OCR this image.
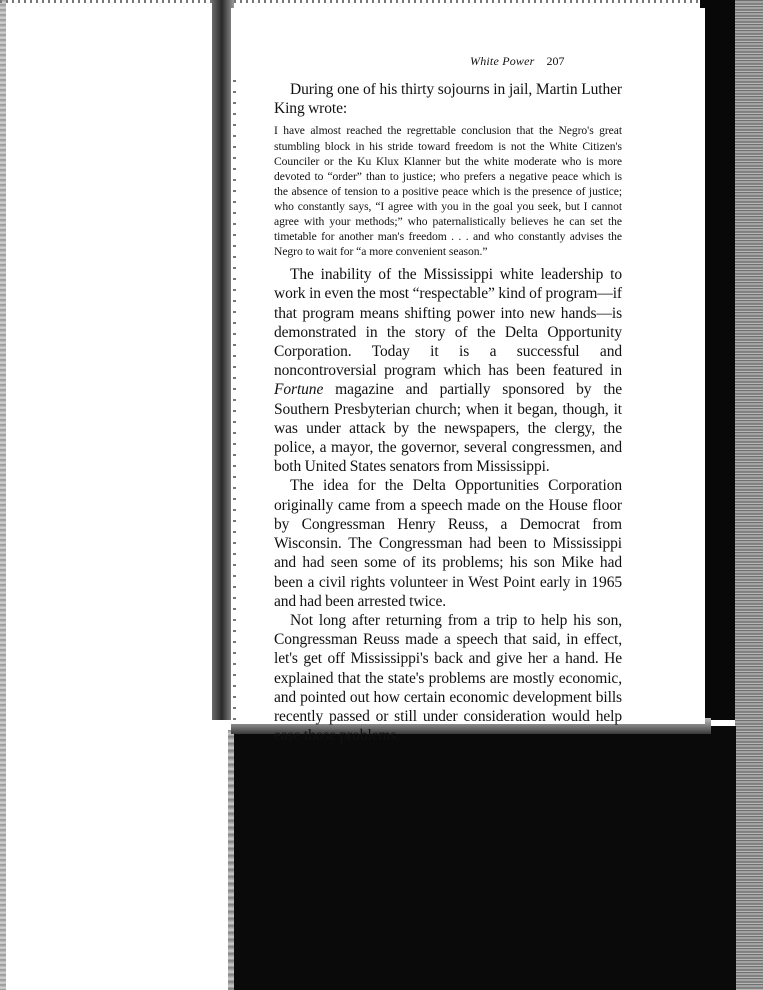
White Power 207

During one of his thirty sojourns in jail, Martin Luther King wrote:

I have almost reached the regrettable conclusion that the Negro's great stumbling block in his stride toward freedom is not the White Citizen's Counciler or the Ku Klux Klanner but the white moderate who is more devoted to “order” than to justice; who prefers a negative peace which is the absence of tension to a positive peace which is the presence of justice; who constantly says, “I agree with you in the goal you seek, but I cannot agree with your methods;” who paternalistically believes he can set the timetable for another man's freedom . . . and who constantly advises the Negro to wait for “a more convenient season.”

The inability of the Mississippi white leadership to work in even the most “respectable” kind of program—if that program means shifting power into new hands—is demonstrated in the story of the Delta Opportunity Corporation. Today it is a successful and noncontroversial program which has been featured in Fortune magazine and partially sponsored by the Southern Presbyterian church; when it began, though, it was under attack by the newspapers, the clergy, the police, a mayor, the governor, several congressmen, and both United States senators from Mississippi.

The idea for the Delta Opportunities Corporation originally came from a speech made on the House floor by Congressman Henry Reuss, a Democrat from Wisconsin. The Congressman had been to Mississippi and had seen some of its problems; his son Mike had been a civil rights volunteer in West Point early in 1965 and had been arrested twice.

Not long after returning from a trip to help his son, Congressman Reuss made a speech that said, in effect, let's get off Mississippi's back and give her a hand. He explained that the state's problems are mostly economic, and pointed out how certain economic development bills recently passed or still under consideration would help ease those problems.
